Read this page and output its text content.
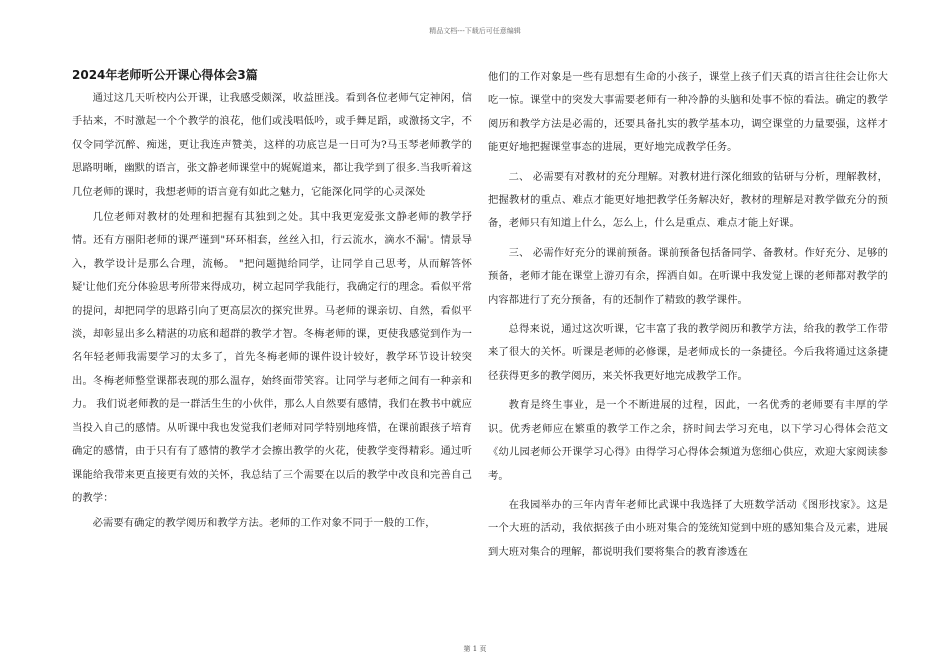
精品文档---下载后可任意编辑
2024年老师听公开课心得体会3篇

通过这几天听校内公开课，让我感受颇深，收益匪浅。看到各位老师气定神闲，信手拈来，不时激起一个个教学的浪花，他们或浅唱低吟，或手舞足蹈，或激扬文字，不仅令同学沉醉、痴迷，更让我连声赞美，这样的功底岂是一日可为?马玉琴老师教学的思路明晰，幽默的语言，张文静老师课堂中的娓娓道来，都让我学到了很多.当我听着这几位老师的课时，我想老师的语言竟有如此之魅力，它能深化同学的心灵深处

几位老师对教材的处理和把握有其独到之处。其中我更宠爱张文静老师的教学抒情。还有方丽阳老师的课严谨到"环环相套，丝丝入扣，行云流水，滴水不漏'。情景导入，教学设计是那么合理，流畅。 "把问题抛给同学，让同学自己思考，从而解答怀疑'让他们充分体验思考所带来得成功，树立起同学我能行，我确定行的理念。看似平常的提问，却把同学的思路引向了更高层次的探究世界。马老师的课亲切、自然，看似平淡，却彰显出多么精湛的功底和超群的教学才智。冬梅老师的课，更使我感觉到作为一名年轻老师我需要学习的太多了，首先冬梅老师的课件设计较好，教学环节设计较突出。冬梅老师整堂课都表现的那么温存，始终面带笑容。让同学与老师之间有一种亲和力。 我们说老师教的是一群活生生的小伙伴，那么人自然要有感情，我们在教书中就应当投入自己的感情。从听课中我也发觉我们老师对同学特别地疼惜，在课前跟孩子培育确定的感情，由于只有有了感情的教学才会擦出教学的火花，使教学变得精彩。通过听课能给我带来更直接更有效的关怀，我总结了三个需要在以后的教学中改良和完善自己的教学：

必需要有确定的教学阅历和教学方法。老师的工作对象不同于一般的工作，

他们的工作对象是一些有思想有生命的小孩子，课堂上孩子们天真的语言往往会让你大吃一惊。课堂中的突发大事需要老师有一种冷静的头脑和处事不惊的看法。确定的教学阅历和教学方法是必需的，还要具备扎实的教学基本功，调空课堂的力量要强，这样才能更好地把握课堂事态的进展，更好地完成教学任务。

二、 必需要有对教材的充分理解。对教材进行深化细致的钻研与分析，理解教材，把握教材的重点、难点才能更好地把教学任务解决好，教材的理解是对教学做充分的预备，老师只有知道上什么，怎么上，什么是重点、难点才能上好课。

三、 必需作好充分的课前预备。课前预备包括备同学、备教材。作好充分、足够的预备，老师才能在课堂上游刃有余，挥洒自如。在听课中我发觉上课的老师都对教学的内容都进行了充分预备，有的还制作了精致的教学课件。

总得来说，通过这次听课，它丰富了我的教学阅历和教学方法，给我的教学工作带来了很大的关怀。听课是老师的必修课，是老师成长的一条捷径。今后我将通过这条捷径获得更多的教学阅历，来关怀我更好地完成教学工作。

教育是终生事业，是一个不断进展的过程，因此，一名优秀的老师要有丰厚的学识。优秀老师应在繁重的教学工作之余，挤时间去学习充电，以下学习心得体会范文《幼儿园老师公开课学习心得》由得学习心得体会频道为您细心供应，欢迎大家阅读参考。

在我园举办的三年内青年老师比武课中我选择了大班数学活动《图形找家》。这是一个大班的活动，我依据孩子由小班对集合的笼统知觉到中班的感知集合及元素，进展到大班对集合的理解，都说明我们要将集合的教育渗透在

第 1 页
